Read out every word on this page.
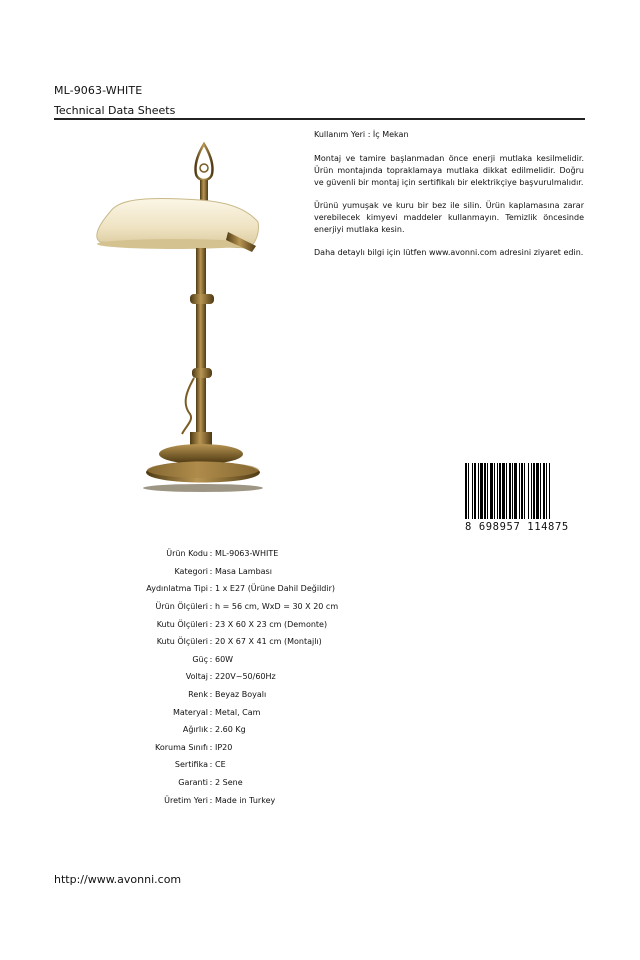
ML-9063-WHITE
Technical Data Sheets

Kullanım Yeri : İç Mekan

Montaj ve tamire başlanmadan önce enerji mutlaka kesilmelidir. Ürün montajında topraklamaya mutlaka dikkat edilmelidir. Doğru ve güvenli bir montaj için sertifikalı bir elektrikçiye başvurulmalıdır.

Ürünü yumuşak ve kuru bir bez ile silin. Ürün kaplamasına zarar verebilecek kimyevi maddeler kullanmayın. Temizlik öncesinde enerjiyi mutlaka kesin.

Daha detaylı bilgi için lütfen www.avonni.com adresini ziyaret edin.

8 698957 114875
Ürün Kodu : ML-9063-WHITE
Kategori : Masa Lambası
Aydınlatma Tipi : 1 x E27 (Ürüne Dahil Değildir)
Ürün Ölçüleri : h = 56 cm, WxD = 30 X 20 cm
Kutu Ölçüleri : 23 X 60 X 23 cm (Demonte)
Kutu Ölçüleri : 20 X 67 X 41 cm (Montajlı)
Güç : 60W
Voltaj : 220V~50/60Hz
Renk : Beyaz Boyalı
Materyal : Metal, Cam
Ağırlık : 2.60 Kg
Koruma Sınıfı : IP20
Sertifika : CE
Garanti : 2 Sene
Üretim Yeri : Made in Turkey
http://www.avonni.com
